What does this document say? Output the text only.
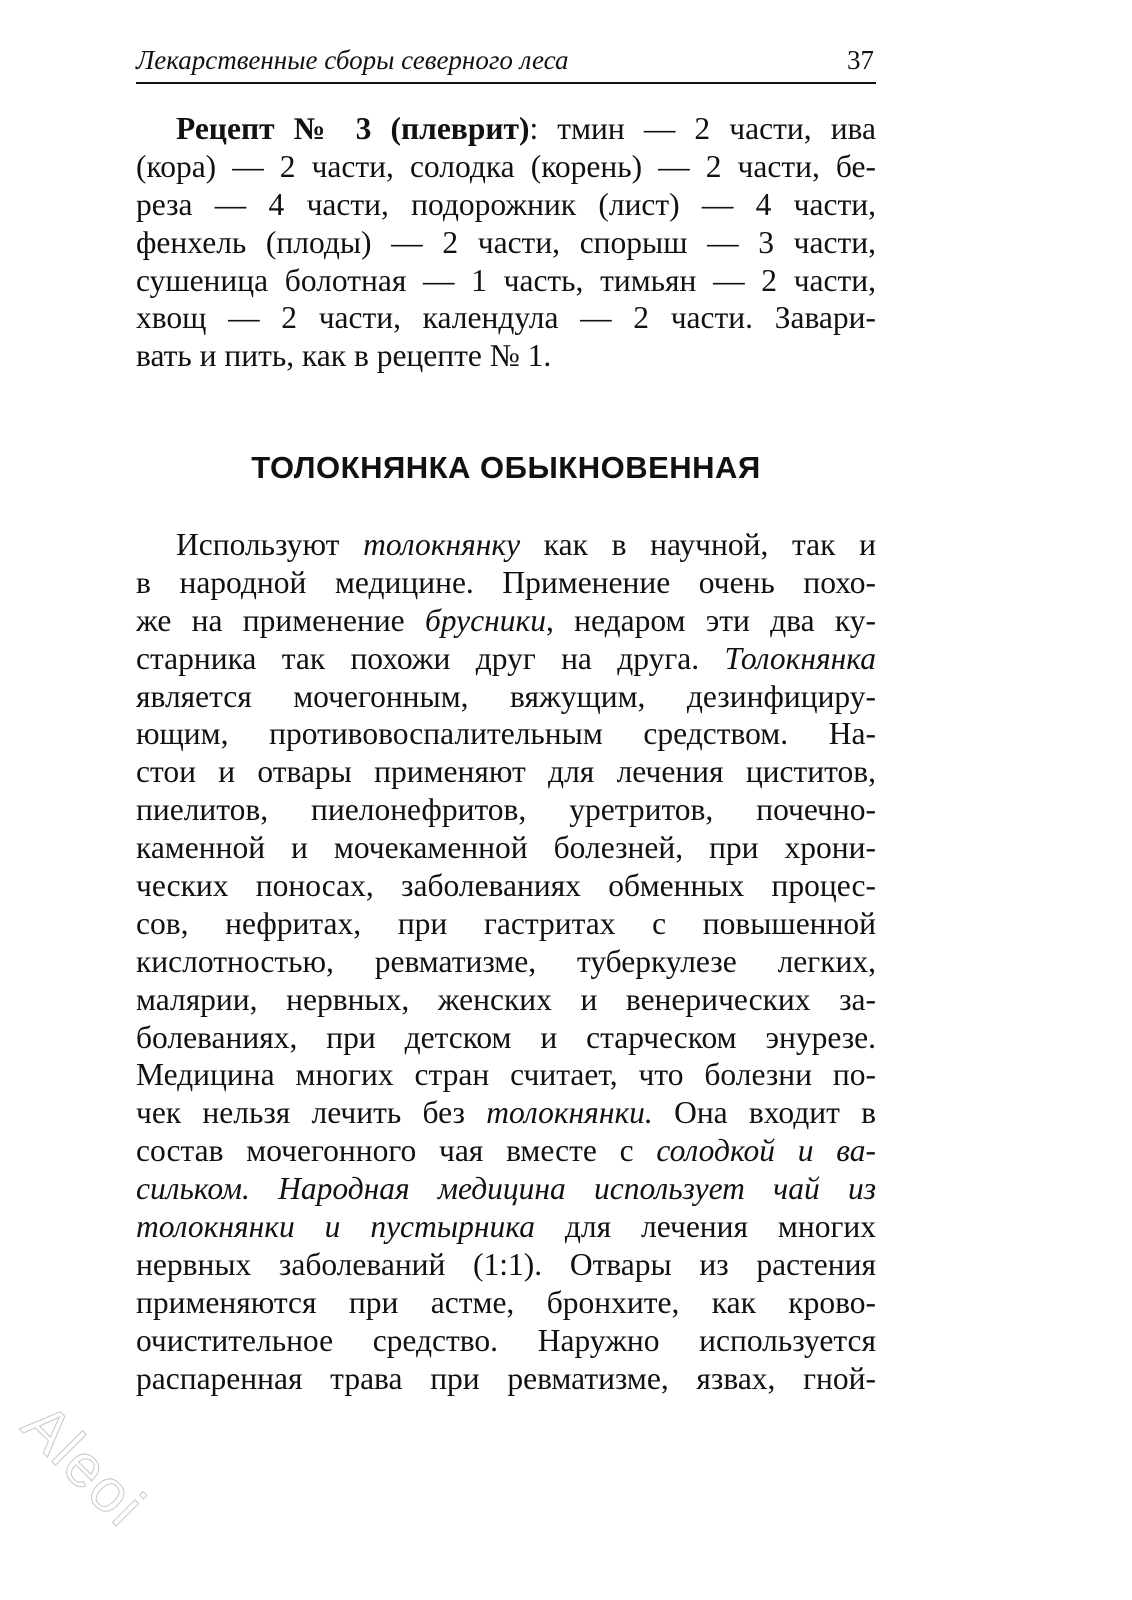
Лекарственные сборы северного леса	37
Рецепт № 3 (плеврит): тмин — 2 части, ива
(кора) — 2 части, солодка (корень) — 2 части, бе-
реза — 4 части, подорожник (лист) — 4 части,
фенхель (плоды) — 2 части, спорыш — 3 части,
сушеница болотная — 1 часть, тимьян — 2 части,
хвощ — 2 части, календула — 2 части. Завари-
вать и пить, как в рецепте № 1.
ТОЛОКНЯНКА ОБЫКНОВЕННАЯ
Используют толокнянку как в научной, так и
в народной медицине. Применение очень похо-
же на применение брусники, недаром эти два ку-
старника так похожи друг на друга. Толокнянка
является мочегонным, вяжущим, дезинфициру-
ющим, противовоспалительным средством. На-
стои и отвары применяют для лечения циститов,
пиелитов, пиелонефритов, уретритов, почечно-
каменной и мочекаменной болезней, при хрони-
ческих поносах, заболеваниях обменных процес-
сов, нефритах, при гастритах с повышенной
кислотностью, ревматизме, туберкулезе легких,
малярии, нервных, женских и венерических за-
болеваниях, при детском и старческом энурезе.
Медицина многих стран считает, что болезни по-
чек нельзя лечить без толокнянки. Она входит в
состав мочегонного чая вместе с солодкой и ва-
сильком. Народная медицина использует чай из
толокнянки и пустырника для лечения многих
нервных заболеваний (1:1). Отвары из растения
применяются при астме, бронхите, как крово-
очистительное средство. Наружно используется
распаренная трава при ревматизме, язвах, гной-
Aleoi
